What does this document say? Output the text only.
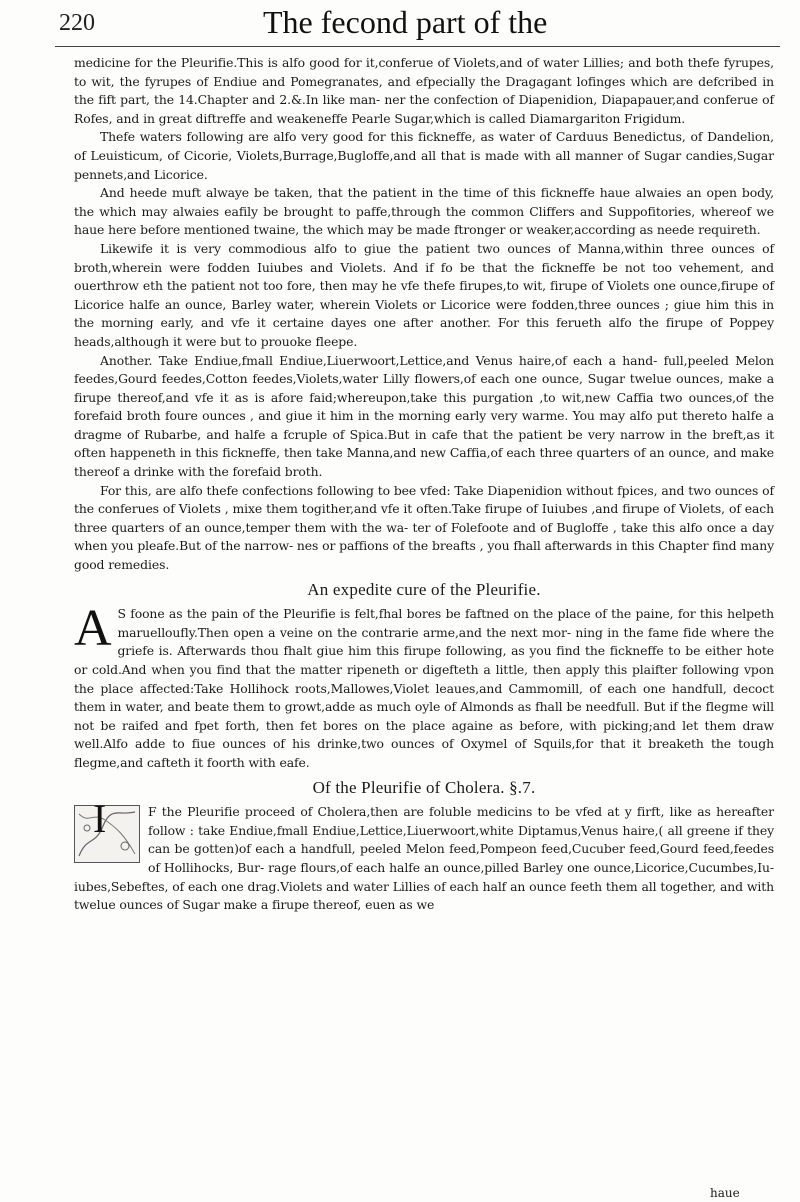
220	The fecond part of the

medicine for the Pleurifie.This is alfo good for it,conferue of Violets,and of water Lillies; and both thefe fyrupes, to wit, the fyrupes of Endiue and Pomegranates, and efpecially the Dragagant lofinges which are defcribed in the fift part, the 14.Chapter and 2.&.In like man- ner the confection of Diapenidion, Diapapauer,and conferue of Rofes, and in great diftreffe and weakeneffe Pearle Sugar,which is called Diamargariton Frigidum.

Thefe waters following are alfo very good for this fickneffe, as water of Carduus Benedictus, of Dandelion, of Leuisticum, of Cicorie, Violets,Burrage,Bugloffe,and all that is made with all manner of Sugar candies,Sugar pennets,and Licorice.

And heede muft alwaye be taken, that the patient in the time of this fickneffe haue alwaies an open body, the which may alwaies eafily be brought to paffe,through the common Cliffers and Suppofitories, whereof we haue here before mentioned twaine, the which may be made ftronger or weaker,according as neede requireth.

Likewife it is very commodious alfo to giue the patient two ounces of Manna,within three ounces of broth,wherein were fodden Iuiubes and Violets. And if fo be that the fickneffe be not too vehement, and ouerthrow eth the patient not too fore, then may he vfe thefe firupes,to wit, firupe of Violets one ounce,firupe of Licorice halfe an ounce, Barley water, wherein Violets or Licorice were fodden,three ounces ; giue him this in the morning early, and vfe it certaine dayes one after another. For this ferueth alfo the firupe of Poppey heads,although it were but to prouoke fleepe.

Another. Take Endiue,fmall Endiue,Liuerwoort,Lettice,and Venus haire,of each a hand- full,peeled Melon feedes,Gourd feedes,Cotton feedes,Violets,water Lilly flowers,of each one ounce, Sugar twelue ounces, make a firupe thereof,and vfe it as is afore faid;whereupon,take this purgation ,to wit,new Caffia two ounces,of the forefaid broth foure ounces , and giue it him in the morning early very warme. You may alfo put thereto halfe a dragme of Rubarbe, and halfe a fcruple of Spica.But in cafe that the patient be very narrow in the breft,as it often happeneth in this fickneffe, then take Manna,and new Caffia,of each three quarters of an ounce, and make thereof a drinke with the forefaid broth.

For this, are alfo thefe confections following to bee vfed: Take Diapenidion without fpices, and two ounces of the conferues of Violets , mixe them togither,and vfe it often.Take firupe of Iuiubes ,and firupe of Violets, of each three quarters of an ounce,temper them with the wa- ter of Folefoote and of Bugloffe , take this alfo once a day when you pleafe.But of the narrow- nes or paffions of the breafts , you fhall afterwards in this Chapter find many good remedies.

An expedite cure of the Pleurifie.
A S foone as the pain of the Pleurifie is felt,fhal bores be faftned on the place of the paine, for this helpeth maruelloufly.Then open a veine on the contrarie arme,and the next mor- ning in the fame fide where the griefe is. Afterwards thou fhalt giue him this firupe following, as you find the fickneffe to be either hote or cold.And when you find that the matter ripeneth or digefteth a little, then apply this plaifter following vpon the place affected:Take Hollihock roots,Mallowes,Violet leaues,and Cammomill, of each one handfull, decoct them in water, and beate them to growt,adde as much oyle of Almonds as fhall be needfull. But if the flegme will not be raifed and fpet forth, then fet bores on the place againe as before, with picking;and let them draw well.Alfo adde to fiue ounces of his drinke,two ounces of Oxymel of Squils,for that it breaketh the tough flegme,and cafteth it foorth with eafe.

Of the Pleurifie of Cholera. §.7.
I	F the Pleurifie proceed of Cholera,then are foluble medicins to be vfed at y firft, like as hereafter follow : take Endiue,fmall Endiue,Lettice,Liuerwoort,white Diptamus,Venus haire,( all greene if they can be gotten)of each a handfull, peeled Melon feed,Pompeon feed,Cucuber feed,Gourd feed,feedes of Hollihocks, Bur- rage flours,of each halfe an ounce,pilled Barley one ounce,Licorice,Cucumbes,Iu- iubes,Sebeftes, of each one drag.Violets and water Lillies of each half an ounce feeth them all together, and with twelue ounces of Sugar make a firupe thereof, euen as we

haue
